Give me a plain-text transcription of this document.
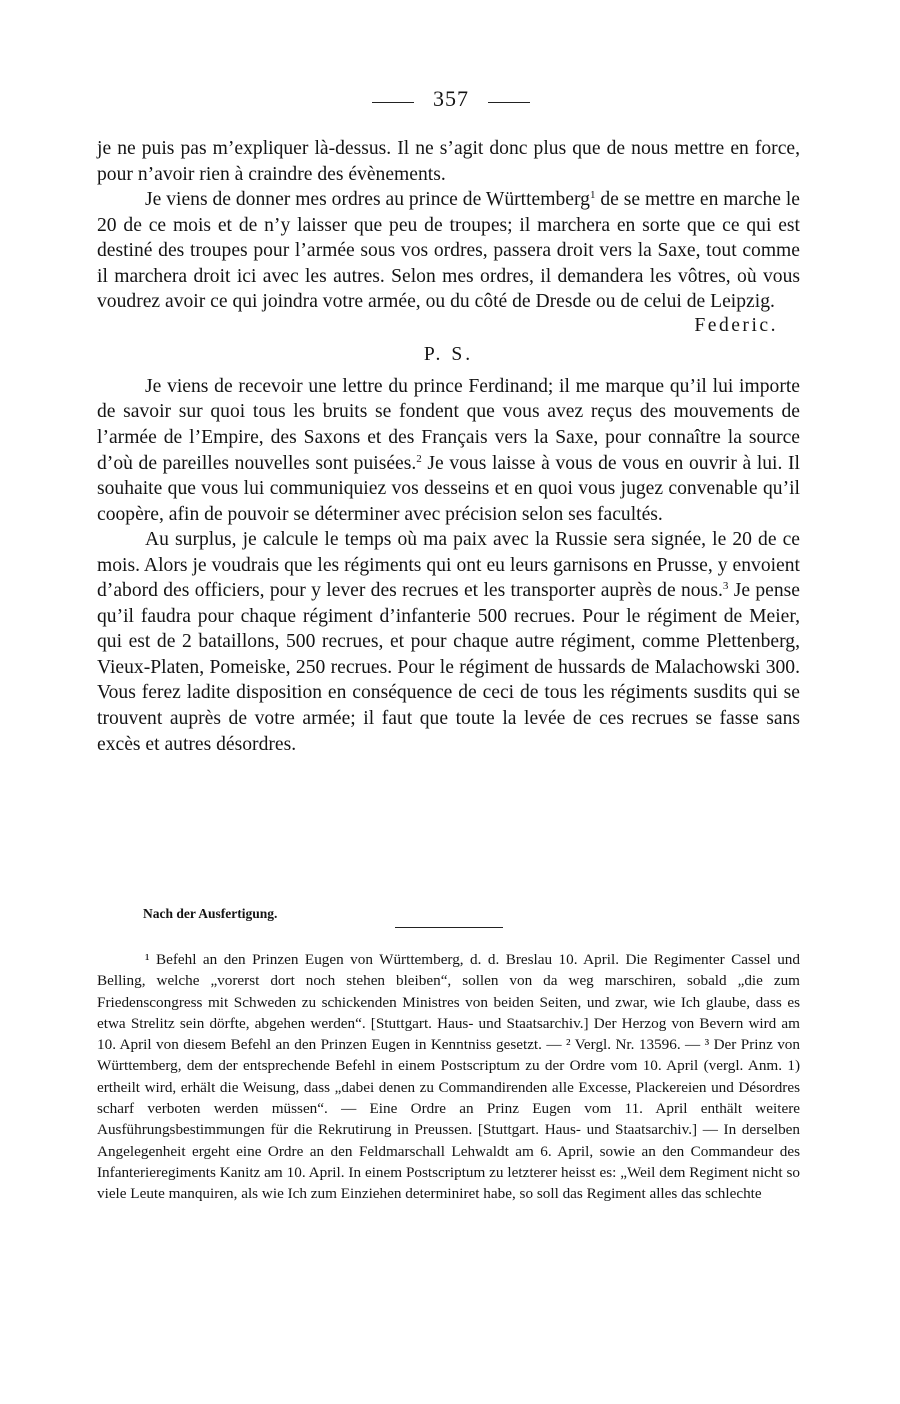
357

je ne puis pas m’expliquer là-dessus. Il ne s’agit donc plus que de nous mettre en force, pour n’avoir rien à craindre des évènements.

Je viens de donner mes ordres au prince de Württemberg$^1$ de se mettre en marche le 20 de ce mois et de n’y laisser que peu de troupes; il marchera en sorte que ce qui est destiné des troupes pour l’armée sous vos ordres, passera droit vers la Saxe, tout comme il marchera droit ici avec les autres. Selon mes ordres, il demandera les vôtres, où vous voudrez avoir ce qui joindra votre armée, ou du côté de Dresde ou de celui de Leipzig.

Federic.

P. S.

Je viens de recevoir une lettre du prince Ferdinand; il me marque qu’il lui importe de savoir sur quoi tous les bruits se fondent que vous avez reçus des mouvements de l’armée de l’Empire, des Saxons et des Français vers la Saxe, pour connaître la source d’où de pareilles nouvelles sont puisées.$^2$ Je vous laisse à vous de vous en ouvrir à lui. Il souhaite que vous lui communiquiez vos desseins et en quoi vous jugez convenable qu’il coopère, afin de pouvoir se déterminer avec précision selon ses facultés.

Au surplus, je calcule le temps où ma paix avec la Russie sera signée, le 20 de ce mois. Alors je voudrais que les régiments qui ont eu leurs garnisons en Prusse, y envoient d’abord des officiers, pour y lever des recrues et les transporter auprès de nous.$^3$ Je pense qu’il faudra pour chaque régiment d’infanterie 500 recrues. Pour le régiment de Meier, qui est de 2 bataillons, 500 recrues, et pour chaque autre régiment, comme Plettenberg, Vieux-Platen, Pomeiske, 250 recrues. Pour le régiment de hussards de Malachowski 300. Vous ferez ladite disposition en conséquence de ceci de tous les régiments susdits qui se trouvent auprès de votre armée; il faut que toute la levée de ces recrues se fasse sans excès et autres désordres.

Nach der Ausfertigung.

¹ Befehl an den Prinzen Eugen von Württemberg, d. d. Breslau 10. April. Die Regimenter Cassel und Belling, welche „vorerst dort noch stehen bleiben“, sollen von da weg marschiren, sobald „die zum Friedenscongress mit Schweden zu schickenden Ministres von beiden Seiten, und zwar, wie Ich glaube, dass es etwa Strelitz sein dörfte, abgehen werden“. [Stuttgart. Haus- und Staatsarchiv.] Der Herzog von Bevern wird am 10. April von diesem Befehl an den Prinzen Eugen in Kenntniss gesetzt. — ² Vergl. Nr. 13596. — ³ Der Prinz von Württemberg, dem der entsprechende Befehl in einem Postscriptum zu der Ordre vom 10. April (vergl. Anm. 1) ertheilt wird, erhält die Weisung, dass „dabei denen zu Commandirenden alle Excesse, Plackereien und Désordres scharf verboten werden müssen“. — Eine Ordre an Prinz Eugen vom 11. April enthält weitere Ausführungsbestimmungen für die Rekrutirung in Preussen. [Stuttgart. Haus- und Staatsarchiv.] — In derselben Angelegenheit ergeht eine Ordre an den Feldmarschall Lehwaldt am 6. April, sowie an den Commandeur des Infanterieregiments Kanitz am 10. April. In einem Postscriptum zu letzterer heisst es: „Weil dem Regiment nicht so viele Leute manquiren, als wie Ich zum Einziehen determiniret habe, so soll das Regiment alles das schlechte
